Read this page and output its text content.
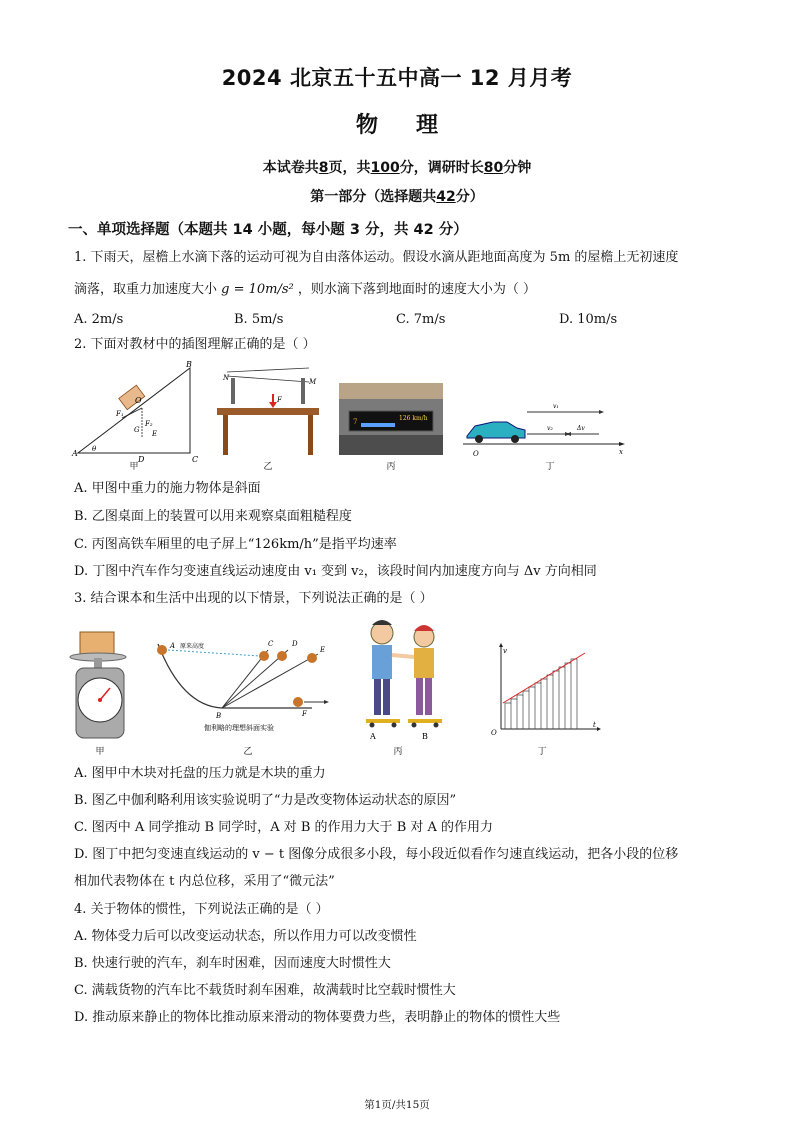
2024 北京五十五中高一 12 月月考
物理
本试卷共8页，共100分，调研时长80分钟
第一部分（选择题共42分）
一、单项选择题（本题共 14 小题，每小题 3 分，共 42 分）
1. 下雨天，屋檐上水滴下落的运动可视为自由落体运动。假设水滴从距地面高度为 5m 的屋檐上无初速度
滴落，取重力加速度大小 g = 10m/s² ，则水滴下落到地面时的速度大小为（ ）
A. 2m/s	B. 5m/s	C. 7m/s	D. 10m/s
2. 下面对教材中的插图理解正确的是（ ）
O
F₁
F₂
G E
A θ
D	C
B
甲
N	M
F
乙
7	126 km/h
丙
O	x
v₁
v₂	Δv
丁
A. 甲图中重力的施力物体是斜面
B. 乙图桌面上的装置可以用来观察桌面粗糙程度
C. 丙图高铁车厢里的电子屏上“126km/h”是指平均速率
D. 丁图中汽车作匀变速直线运动速度由 v₁ 变到 v₂，该段时间内加速度方向与 Δv 方向相同
3. 结合课本和生活中出现的以下情景，下列说法正确的是（ ）
甲
A 原来高度	C	D
E
B	F
伽利略的理想斜面实验
乙
A	B
丙
O
v
t
丁
A. 图甲中木块对托盘的压力就是木块的重力
B. 图乙中伽利略利用该实验说明了“力是改变物体运动状态的原因”
C. 图丙中 A 同学推动 B 同学时，A 对 B 的作用力大于 B 对 A 的作用力
D. 图丁中把匀变速直线运动的 v − t 图像分成很多小段，每小段近似看作匀速直线运动，把各小段的位移
相加代表物体在 t 内总位移，采用了“微元法”
4. 关于物体的惯性，下列说法正确的是（ ）
A. 物体受力后可以改变运动状态，所以作用力可以改变惯性
B. 快速行驶的汽车，刹车时困难，因而速度大时惯性大
C. 满载货物的汽车比不载货时刹车困难，故满载时比空载时惯性大
D. 推动原来静止的物体比推动原来滑动的物体要费力些，表明静止的物体的惯性大些
第1页/共15页
